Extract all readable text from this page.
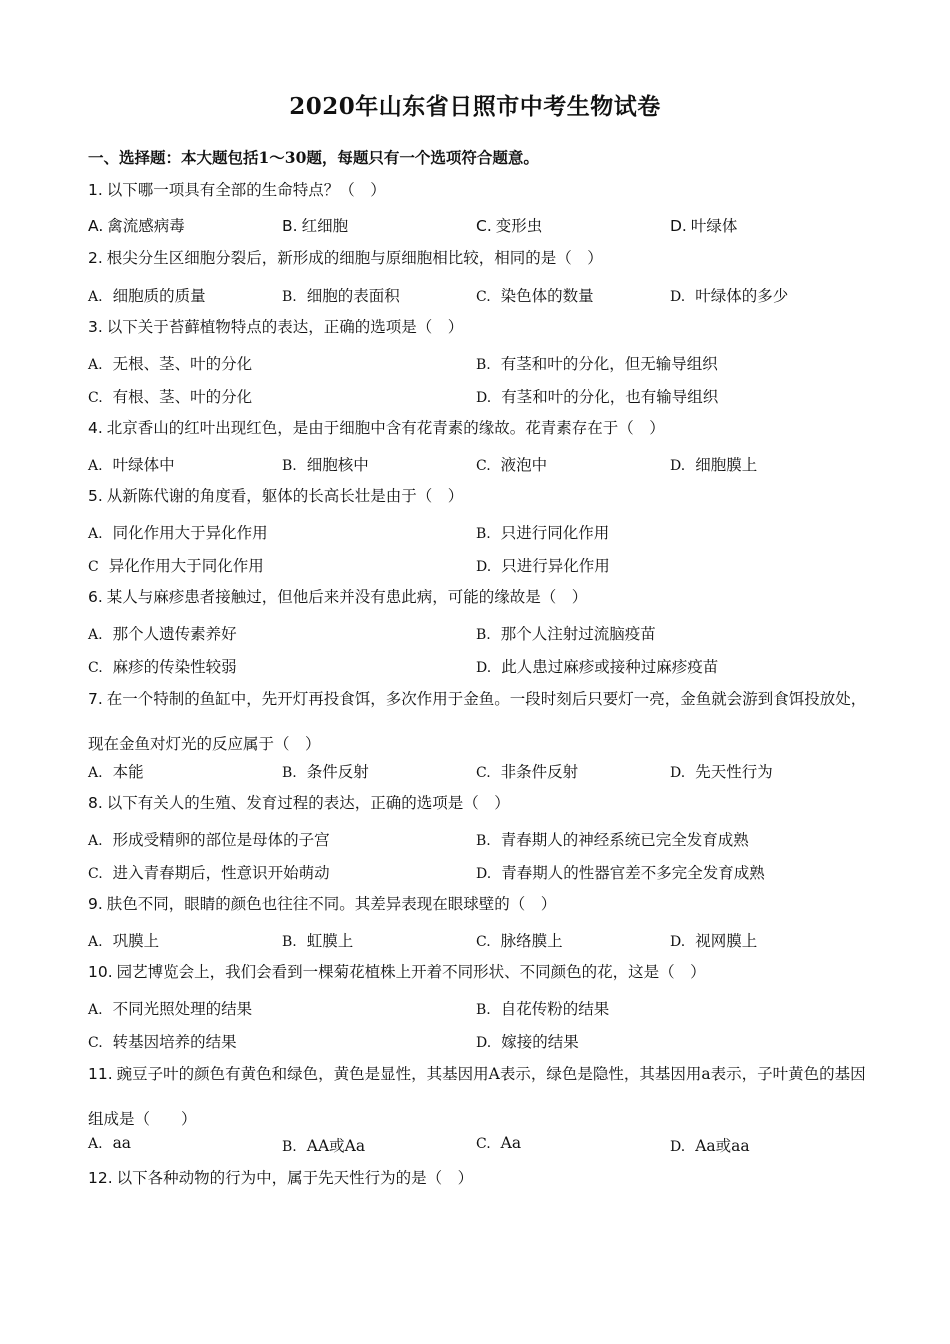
2020年山东省日照市中考生物试卷
一、选择题：本大题包括1～30题，每题只有一个选项符合题意。
1. 以下哪一项具有全部的生命特点？（　）
A. 禽流感病毒	B. 红细胞	C. 变形虫	D. 叶绿体
2. 根尖分生区细胞分裂后，新形成的细胞与原细胞相比较，相同的是（　）
A. 细胞质的质量	B. 细胞的表面积	C. 染色体的数量	D. 叶绿体的多少
3. 以下关于苔藓植物特点的表达，正确的选项是（　）
A. 无根、茎、叶的分化	B. 有茎和叶的分化，但无输导组织
C. 有根、茎、叶的分化	D. 有茎和叶的分化，也有输导组织
4. 北京香山的红叶出现红色，是由于细胞中含有花青素的缘故。花青素存在于（　）
A. 叶绿体中	B. 细胞核中	C. 液泡中	D. 细胞膜上
5. 从新陈代谢的角度看，躯体的长高长壮是由于（　）
A. 同化作用大于异化作用	B. 只进行同化作用
C 异化作用大于同化作用	D. 只进行异化作用
6. 某人与麻疹患者接触过，但他后来并没有患此病，可能的缘故是（　）
A. 那个人遗传素养好	B. 那个人注射过流脑疫苗
C. 麻疹的传染性较弱	D. 此人患过麻疹或接种过麻疹疫苗
7. 在一个特制的鱼缸中，先开灯再投食饵，多次作用于金鱼。一段时刻后只要灯一亮，金鱼就会游到食饵投放处，现在金鱼对灯光的反应属于（　）
A. 本能	B. 条件反射	C. 非条件反射	D. 先天性行为
8. 以下有关人的生殖、发育过程的表达，正确的选项是（　）
A. 形成受精卵的部位是母体的子宫	B. 青春期人的神经系统已完全发育成熟
C. 进入青春期后，性意识开始萌动	D. 青春期人的性器官差不多完全发育成熟
9. 肤色不同，眼睛的颜色也往往不同。其差异表现在眼球壁的（　）
A. 巩膜上	B. 虹膜上	C. 脉络膜上	D. 视网膜上
10. 园艺博览会上，我们会看到一棵菊花植株上开着不同形状、不同颜色的花，这是（　）
A. 不同光照处理的结果	B. 自花传粉的结果
C. 转基因培养的结果	D. 嫁接的结果
11. 豌豆子叶的颜色有黄色和绿色，黄色是显性，其基因用A表示，绿色是隐性，其基因用a表示，子叶黄色的基因组成是（　　）
A. aa	B. AA或Aa	C. Aa	D. Aa或aa
12. 以下各种动物的行为中，属于先天性行为的是（　）
